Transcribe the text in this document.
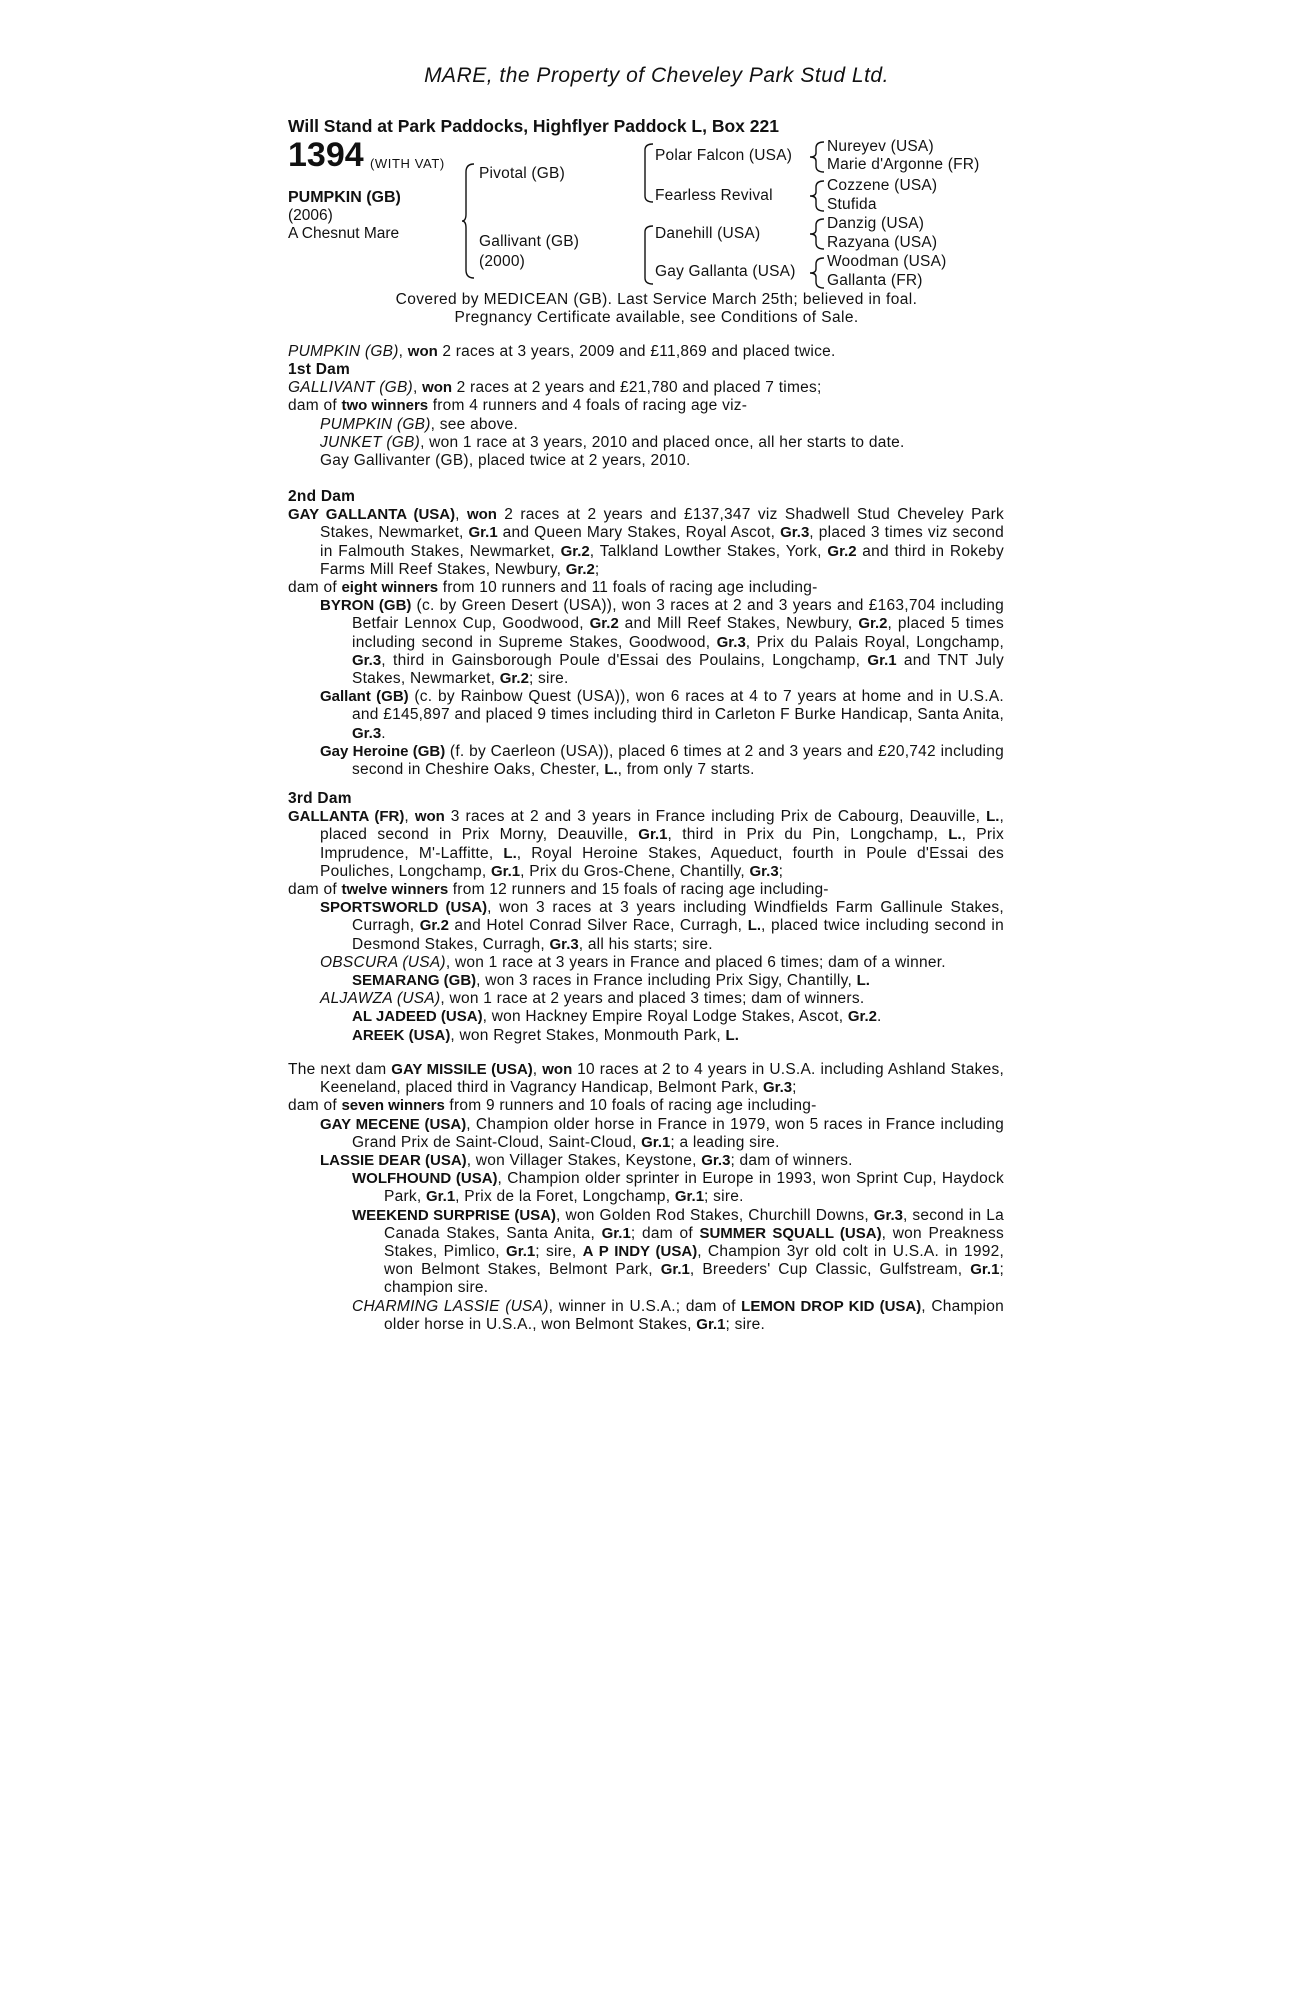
MARE, the Property of Cheveley Park Stud Ltd.
Will Stand at Park Paddocks, Highflyer Paddock L, Box 221
1394 (WITH VAT)
PUMPKIN (GB)
(2006)
A Chesnut Mare
Pivotal (GB)
Gallivant (GB)
(2000)
Polar Falcon (USA)
Fearless Revival
Danehill (USA)
Gay Gallanta (USA)
Nureyev (USA)
Marie d'Argonne (FR)
Cozzene (USA)
Stufida
Danzig (USA)
Razyana (USA)
Woodman (USA)
Gallanta (FR)
Covered by MEDICEAN (GB). Last Service March 25th; believed in foal.
Pregnancy Certificate available, see Conditions of Sale.

PUMPKIN (GB), won 2 races at 3 years, 2009 and £11,869 and placed twice.

1st Dam

GALLIVANT (GB), won 2 races at 2 years and £21,780 and placed 7 times;

dam of two winners from 4 runners and 4 foals of racing age viz-

PUMPKIN (GB), see above.

JUNKET (GB), won 1 race at 3 years, 2010 and placed once, all her starts to date.

Gay Gallivanter (GB), placed twice at 2 years, 2010.

2nd Dam

GAY GALLANTA (USA), won 2 races at 2 years and £137,347 viz Shadwell Stud Cheveley Park Stakes, Newmarket, Gr.1 and Queen Mary Stakes, Royal Ascot, Gr.3, placed 3 times viz second in Falmouth Stakes, Newmarket, Gr.2, Talkland Lowther Stakes, York, Gr.2 and third in Rokeby Farms Mill Reef Stakes, Newbury, Gr.2;

dam of eight winners from 10 runners and 11 foals of racing age including-

BYRON (GB) (c. by Green Desert (USA)), won 3 races at 2 and 3 years and £163,704 including Betfair Lennox Cup, Goodwood, Gr.2 and Mill Reef Stakes, Newbury, Gr.2, placed 5 times including second in Supreme Stakes, Goodwood, Gr.3, Prix du Palais Royal, Longchamp, Gr.3, third in Gainsborough Poule d'Essai des Poulains, Longchamp, Gr.1 and TNT July Stakes, Newmarket, Gr.2; sire.

Gallant (GB) (c. by Rainbow Quest (USA)), won 6 races at 4 to 7 years at home and in U.S.A. and £145,897 and placed 9 times including third in Carleton F Burke Handicap, Santa Anita, Gr.3.

Gay Heroine (GB) (f. by Caerleon (USA)), placed 6 times at 2 and 3 years and £20,742 including second in Cheshire Oaks, Chester, L., from only 7 starts.

3rd Dam

GALLANTA (FR), won 3 races at 2 and 3 years in France including Prix de Cabourg, Deauville, L., placed second in Prix Morny, Deauville, Gr.1, third in Prix du Pin, Longchamp, L., Prix Imprudence, M'-Laffitte, L., Royal Heroine Stakes, Aqueduct, fourth in Poule d'Essai des Pouliches, Longchamp, Gr.1, Prix du Gros-Chene, Chantilly, Gr.3;

dam of twelve winners from 12 runners and 15 foals of racing age including-

SPORTSWORLD (USA), won 3 races at 3 years including Windfields Farm Gallinule Stakes, Curragh, Gr.2 and Hotel Conrad Silver Race, Curragh, L., placed twice including second in Desmond Stakes, Curragh, Gr.3, all his starts; sire.

OBSCURA (USA), won 1 race at 3 years in France and placed 6 times; dam of a winner.

SEMARANG (GB), won 3 races in France including Prix Sigy, Chantilly, L.

ALJAWZA (USA), won 1 race at 2 years and placed 3 times; dam of winners.

AL JADEED (USA), won Hackney Empire Royal Lodge Stakes, Ascot, Gr.2.

AREEK (USA), won Regret Stakes, Monmouth Park, L.

The next dam GAY MISSILE (USA), won 10 races at 2 to 4 years in U.S.A. including Ashland Stakes, Keeneland, placed third in Vagrancy Handicap, Belmont Park, Gr.3;

dam of seven winners from 9 runners and 10 foals of racing age including-

GAY MECENE (USA), Champion older horse in France in 1979, won 5 races in France including Grand Prix de Saint-Cloud, Saint-Cloud, Gr.1; a leading sire.

LASSIE DEAR (USA), won Villager Stakes, Keystone, Gr.3; dam of winners.

WOLFHOUND (USA), Champion older sprinter in Europe in 1993, won Sprint Cup, Haydock Park, Gr.1, Prix de la Foret, Longchamp, Gr.1; sire.

WEEKEND SURPRISE (USA), won Golden Rod Stakes, Churchill Downs, Gr.3, second in La Canada Stakes, Santa Anita, Gr.1; dam of SUMMER SQUALL (USA), won Preakness Stakes, Pimlico, Gr.1; sire, A P INDY (USA), Champion 3yr old colt in U.S.A. in 1992, won Belmont Stakes, Belmont Park, Gr.1, Breeders' Cup Classic, Gulfstream, Gr.1; champion sire.

CHARMING LASSIE (USA), winner in U.S.A.; dam of LEMON DROP KID (USA), Champion older horse in U.S.A., won Belmont Stakes, Gr.1; sire.
